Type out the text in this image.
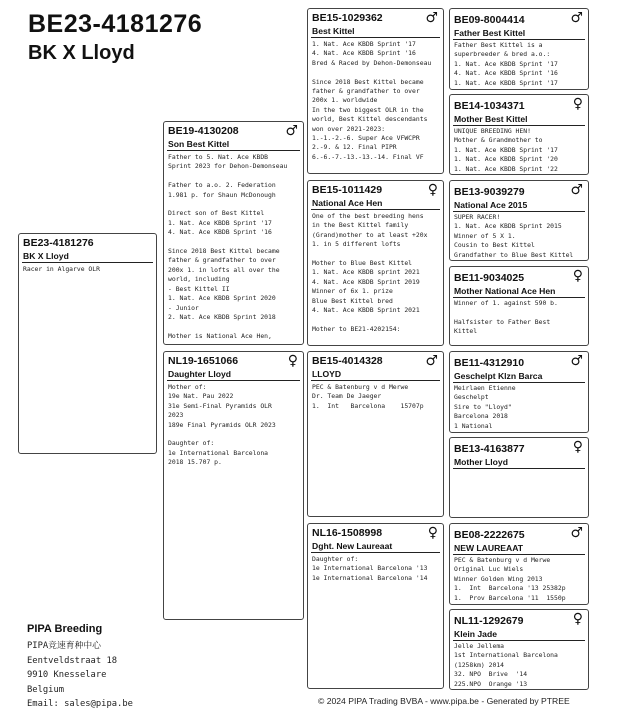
BE23-4181276
BK X Lloyd
BE23-4181276
BK X Lloyd
Racer in Algarve OLR
BE19-4130208
Son Best Kittel
♂
Father to 5. Nat. Ace KBDB
Sprint 2023 for Dehon-Demonseau

Father to a.o. 2. Federation
1.981 p. for Shaun McDonough

Direct son of Best Kittel
1. Nat. Ace KBDB Sprint '17
4. Nat. Ace KBDB Sprint '16

Since 2018 Best Kittel became
father & grandfather to over
200x 1. in lofts all over the
world, including
- Best Kittel II
1. Nat. Ace KBDB Sprint 2020
- Junior
2. Nat. Ace KBDB Sprint 2018

Mother is National Ace Hen,
NL19-1651066
Daughter Lloyd
♀
Mother of:
19e Nat. Pau 2022
31e Semi-Final Pyramids OLR
2023
189e Final Pyramids OLR 2023

Daughter of:
1e International Barcelona
2018 15.707 p.
BE15-1029362
Best Kittel
♂
1. Nat. Ace KBDB Sprint '17
4. Nat. Ace KBDB Sprint '16
Bred & Raced by Dehon-Demonseau

Since 2018 Best Kittel became
father & grandfather to over
200x 1. worldwide
In the two biggest OLR in the
world, Best Kittel descendants
won over 2021-2023:
1.-1.-2.-6. Super Ace VFWCPR
2.-9. & 12. Final PIPR
6.-6.-7.-13.-13.-14. Final VF
BE15-1011429
National Ace Hen
♀
One of the best breeding hens
in the Best Kittel family
(Grand)mother to at least +20x
1. in 5 different lofts

Mother to Blue Best Kittel
1. Nat. Ace KBDB sprint 2021
4. Nat. Ace KBDB Sprint 2019
Winner of 6x 1. prize
Blue Best Kittel bred
4. Nat. Ace KBDB Sprint 2021

Mother to BE21-4202154:
BE15-4014328
LLOYD
♂
PEC & Batenburg v d Merwe
Dr. Team De Jaeger
1.  Int   Barcelona    15707p
NL16-1508998
Dght. New Laureaat
♀
Daughter of:
1e International Barcelona '13
1e International Barcelona '14
BE09-8004414
Father Best Kittel
♂
Father Best Kittel is a
superbreeder & bred a.o.:
1. Nat. Ace KBDB Sprint '17
4. Nat. Ace KBDB Sprint '16
1. Nat. Ace KBDB Sprint '17
BE14-1034371
Mother Best Kittel
♀
UNIQUE BREEDING HEN!
Mother & Grandmother to
1. Nat. Ace KBDB Sprint '17
1. Nat. Ace KBDB Sprint '20
1. Nat. Ace KBDB Sprint '22
BE13-9039279
National Ace 2015
♂
SUPER RACER!
1. Nat. Ace KBDB Sprint 2015
Winner of 5 X 1.
Cousin to Best Kittel
Grandfather to Blue Best Kittel
BE11-9034025
Mother National Ace Hen
♀
Winner of 1. against 590 b.

Halfsister to Father Best
Kittel
BE11-4312910
Geschelpt Klzn Barca
♂
Meirlaen Etienne
Geschelpt
Sire to "Lloyd"
Barcelona 2018
1 National
BE13-4163877
Mother Lloyd
♀
BE08-2222675
NEW LAUREAAT
♂
PEC & Batenburg v d Merwe
Original Luc Wiels
Winner Golden Wing 2013
1.  Int  Barcelona '13 25382p
1.  Prov Barcelona '11  1550p
NL11-1292679
Klein Jade
♀
Jelle Jellema
1st International Barcelona
(1258km) 2014
32. NPO  Brive  '14
225.NPO  Orange '13
PIPA Breeding
PIPA竞速育种中心
Eentveldstraat 18
9910 Knesselare
Belgium
Email: sales@pipa.be	© 2024 PIPA Trading BVBA - www.pipa.be - Generated by PTREE
